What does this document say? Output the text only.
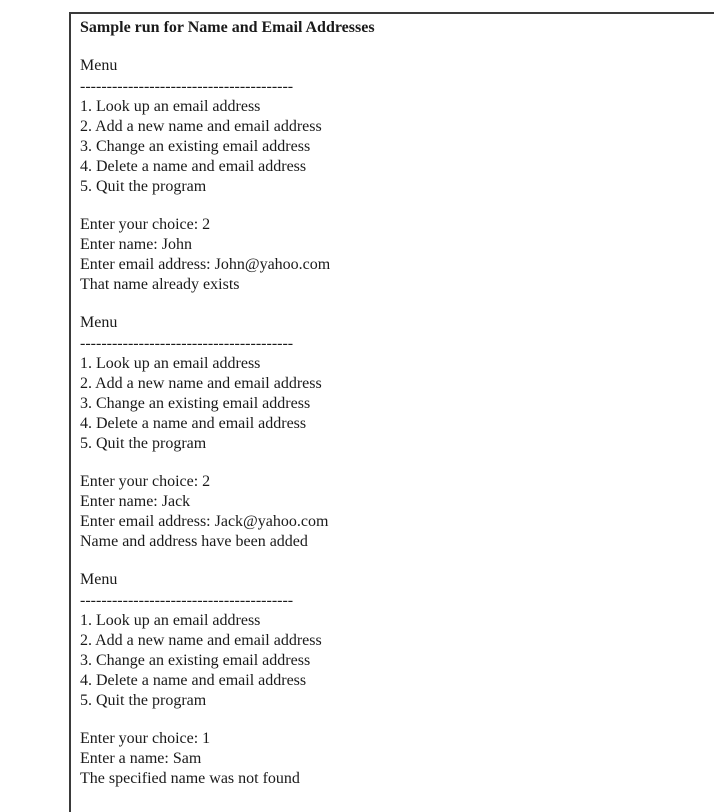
Sample run for Name and Email Addresses
Menu
----------------------------------------
1. Look up an email address
2. Add a new name and email address
3. Change an existing email address
4. Delete a name and email address
5. Quit the program
Enter your choice: 2
Enter name: John
Enter email address: John@yahoo.com
That name already exists
Menu
----------------------------------------
1. Look up an email address
2. Add a new name and email address
3. Change an existing email address
4. Delete a name and email address
5. Quit the program
Enter your choice: 2
Enter name: Jack
Enter email address: Jack@yahoo.com
Name and address have been added
Menu
----------------------------------------
1. Look up an email address
2. Add a new name and email address
3. Change an existing email address
4. Delete a name and email address
5. Quit the program
Enter your choice: 1
Enter a name: Sam
The specified name was not found
